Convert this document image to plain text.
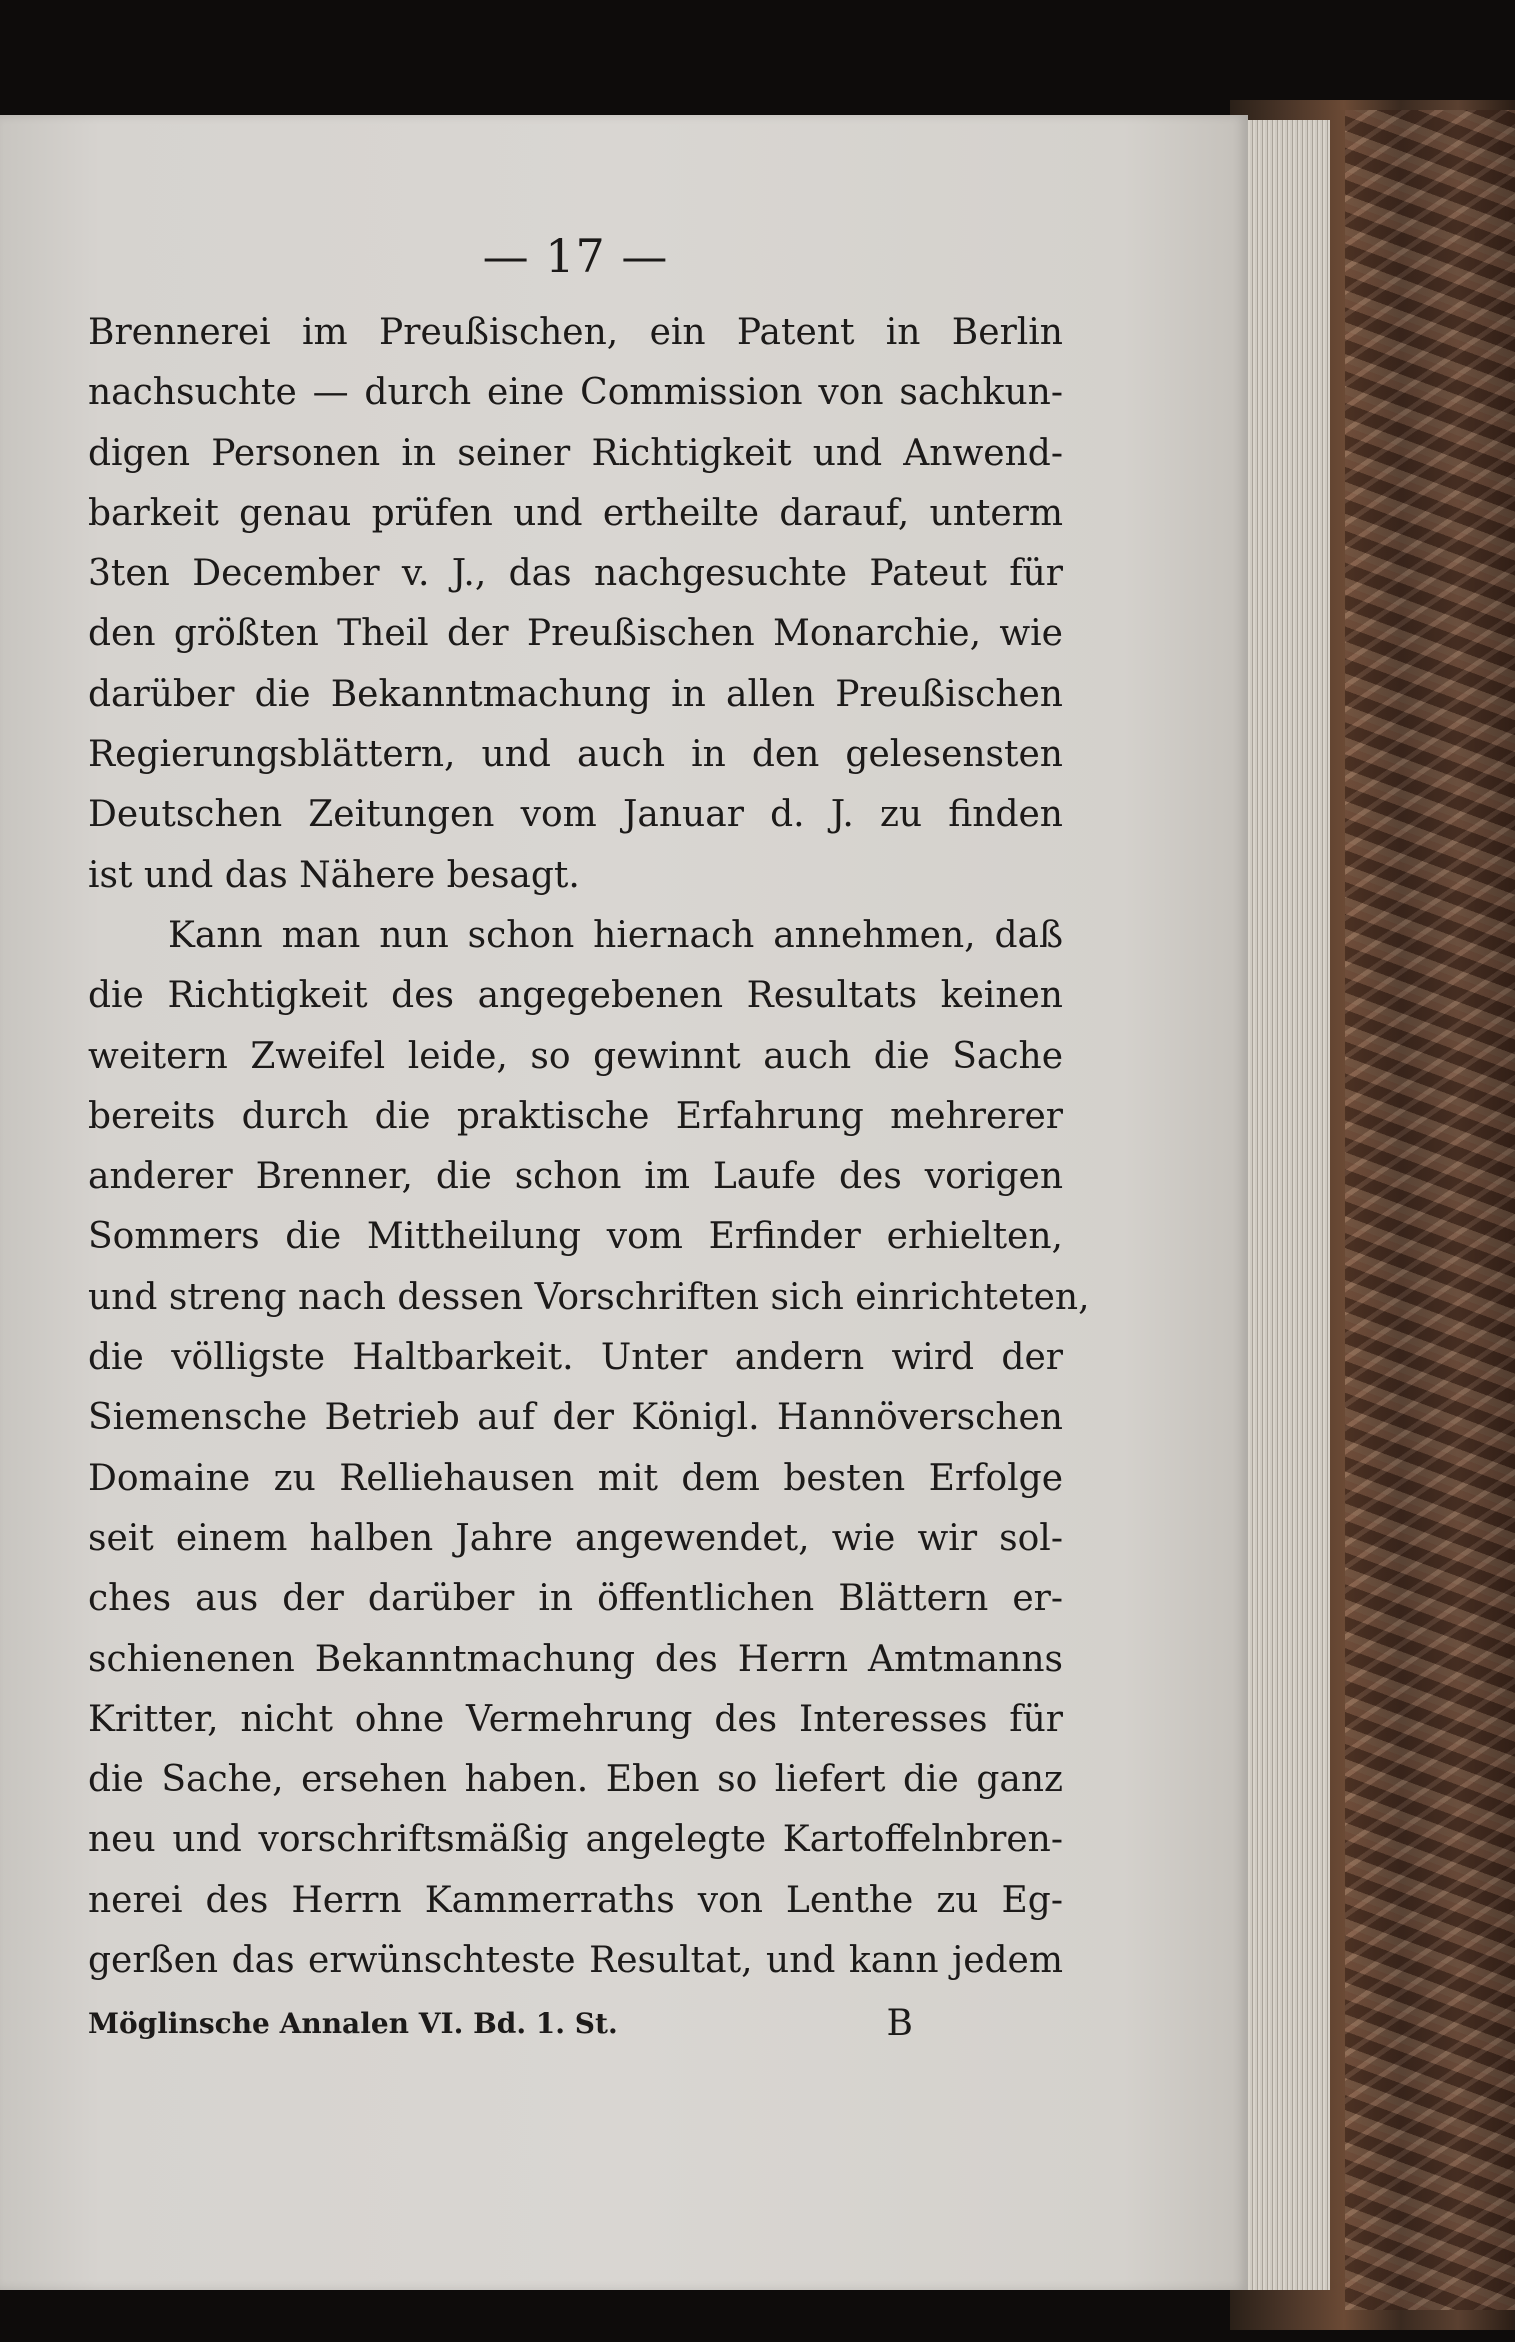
— 17 —
Brennerei im Preußischen, ein Patent in Berlin
nachsuchte — durch eine Commission von sachkun-
digen Personen in seiner Richtigkeit und Anwend-
barkeit genau prüfen und ertheilte darauf, unterm
3ten December v. J., das nachgesuchte Pateut für
den größten Theil der Preußischen Monarchie, wie
darüber die Bekanntmachung in allen Preußischen
Regierungsblättern, und auch in den gelesensten
Deutschen Zeitungen vom Januar d. J. zu finden
ist und das Nähere besagt.
Kann man nun schon hiernach annehmen, daß
die Richtigkeit des angegebenen Resultats keinen
weitern Zweifel leide, so gewinnt auch die Sache
bereits durch die praktische Erfahrung mehrerer
anderer Brenner, die schon im Laufe des vorigen
Sommers die Mittheilung vom Erfinder erhielten,
und streng nach dessen Vorschriften sich einrichteten,
die völligste Haltbarkeit. Unter andern wird der
Siemensche Betrieb auf der Königl. Hannöverschen
Domaine zu Relliehausen mit dem besten Erfolge
seit einem halben Jahre angewendet, wie wir sol-
ches aus der darüber in öffentlichen Blättern er-
schienenen Bekanntmachung des Herrn Amtmanns
Kritter, nicht ohne Vermehrung des Interesses für
die Sache, ersehen haben. Eben so liefert die ganz
neu und vorschriftsmäßig angelegte Kartoffelnbren-
nerei des Herrn Kammerraths von Lenthe zu Eg-
gerßen das erwünschteste Resultat, und kann jedem
Möglinsche Annalen VI. Bd. 1. St.	B
